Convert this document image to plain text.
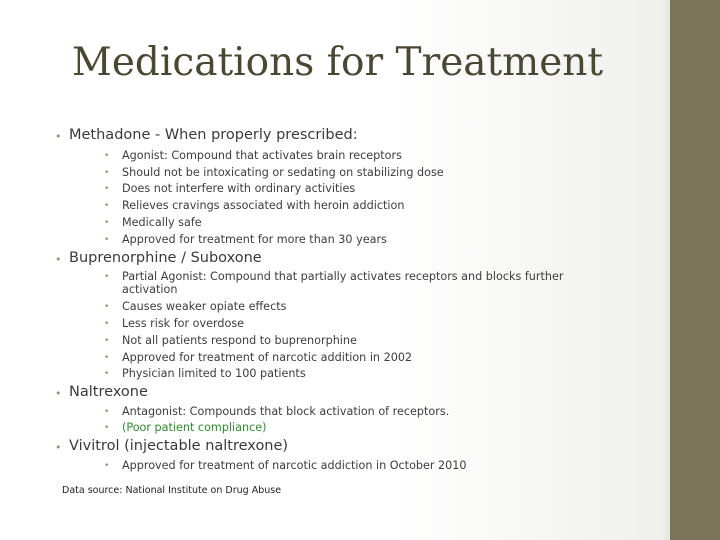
Medications for Treatment
• Methadone - When properly prescribed:
• Agonist: Compound that activates brain receptors
• Should not be intoxicating or sedating on stabilizing dose
• Does not interfere with ordinary activities
• Relieves cravings associated with heroin addiction
• Medically safe
• Approved for treatment for more than 30 years
• Buprenorphine / Suboxone
• Partial Agonist: Compound that partially activates receptors and blocks further activation
• Causes weaker opiate effects
• Less risk for overdose
• Not all patients respond to buprenorphine
• Approved for treatment of narcotic addition in 2002
• Physician limited to 100 patients
• Naltrexone
• Antagonist: Compounds that block activation of receptors.
• (Poor patient compliance)
• Vivitrol (injectable naltrexone)
• Approved for treatment of narcotic addiction in October 2010
Data source: National Institute on Drug Abuse
